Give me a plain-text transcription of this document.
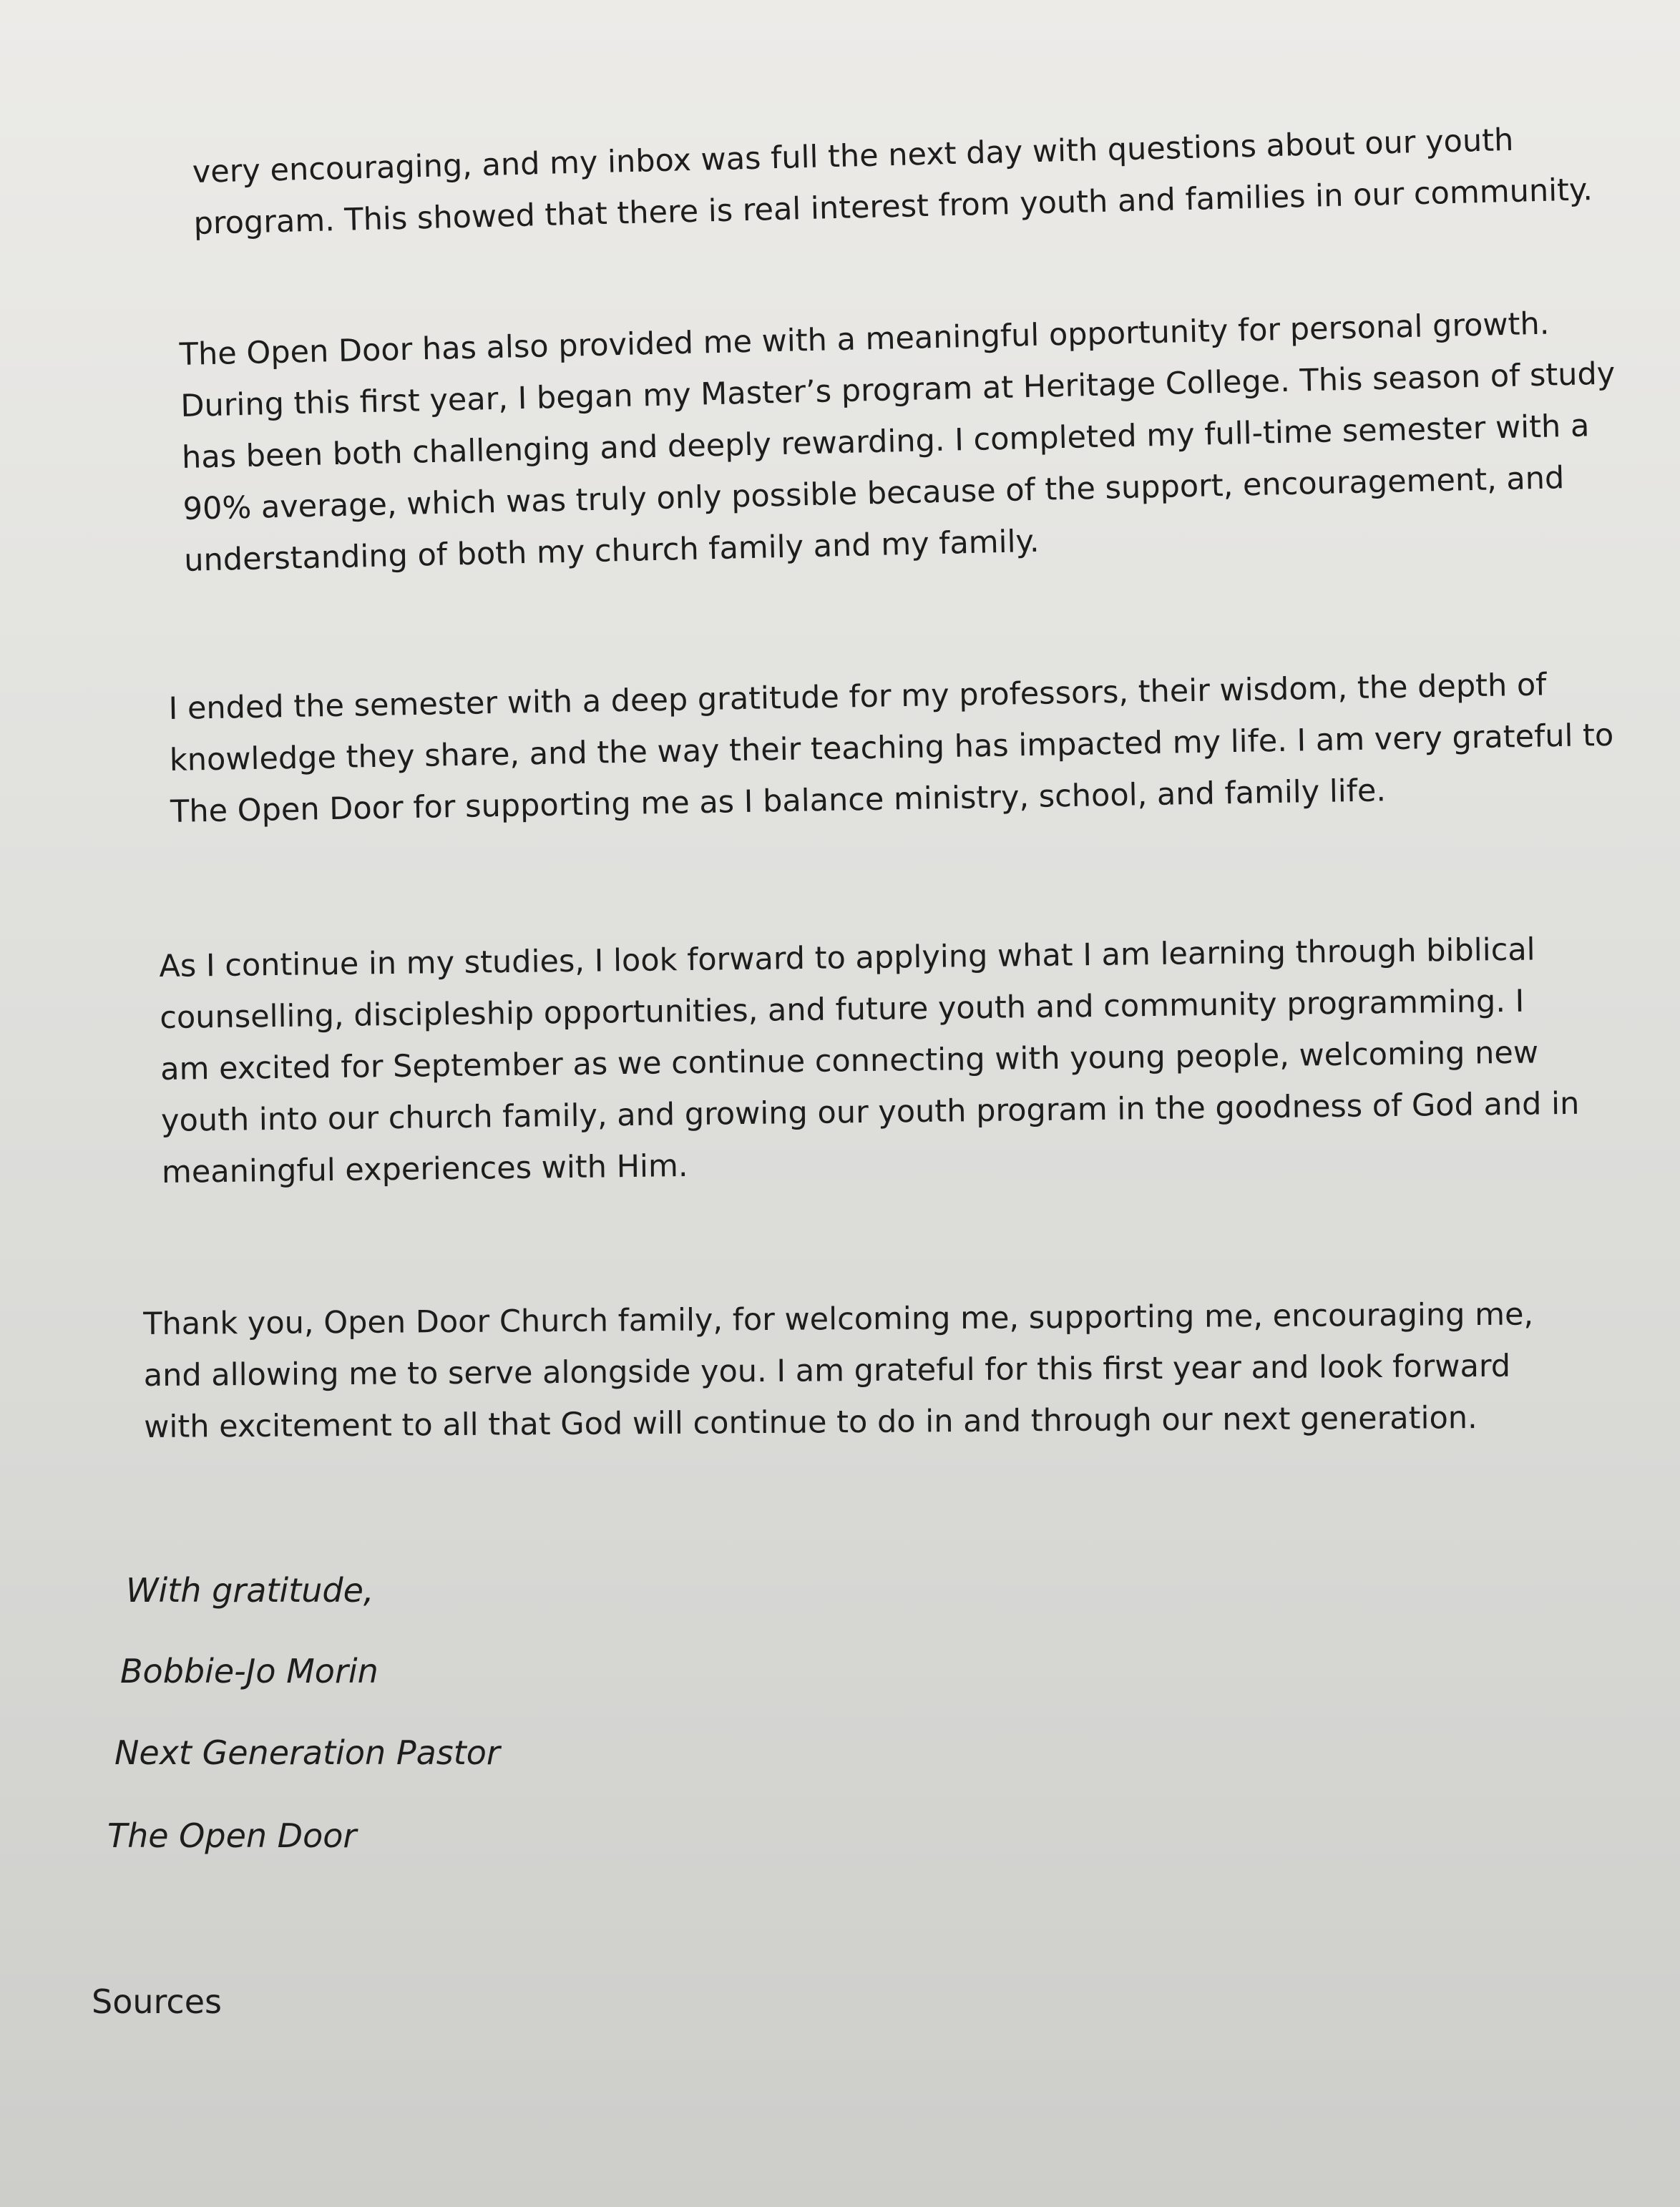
very encouraging, and my inbox was full the next day with questions about our youth
program. This showed that there is real interest from youth and families in our community.

The Open Door has also provided me with a meaningful opportunity for personal growth.
During this first year, I began my Master’s program at Heritage College. This season of study
has been both challenging and deeply rewarding. I completed my full-time semester with a
90% average, which was truly only possible because of the support, encouragement, and
understanding of both my church family and my family.

I ended the semester with a deep gratitude for my professors, their wisdom, the depth of
knowledge they share, and the way their teaching has impacted my life. I am very grateful to
The Open Door for supporting me as I balance ministry, school, and family life.

As I continue in my studies, I look forward to applying what I am learning through biblical
counselling, discipleship opportunities, and future youth and community programming. I
am excited for September as we continue connecting with young people, welcoming new
youth into our church family, and growing our youth program in the goodness of God and in
meaningful experiences with Him.

Thank you, Open Door Church family, for welcoming me, supporting me, encouraging me,
and allowing me to serve alongside you. I am grateful for this first year and look forward
with excitement to all that God will continue to do in and through our next generation.

With gratitude,

Bobbie-Jo Morin

Next Generation Pastor

The Open Door

Sources
